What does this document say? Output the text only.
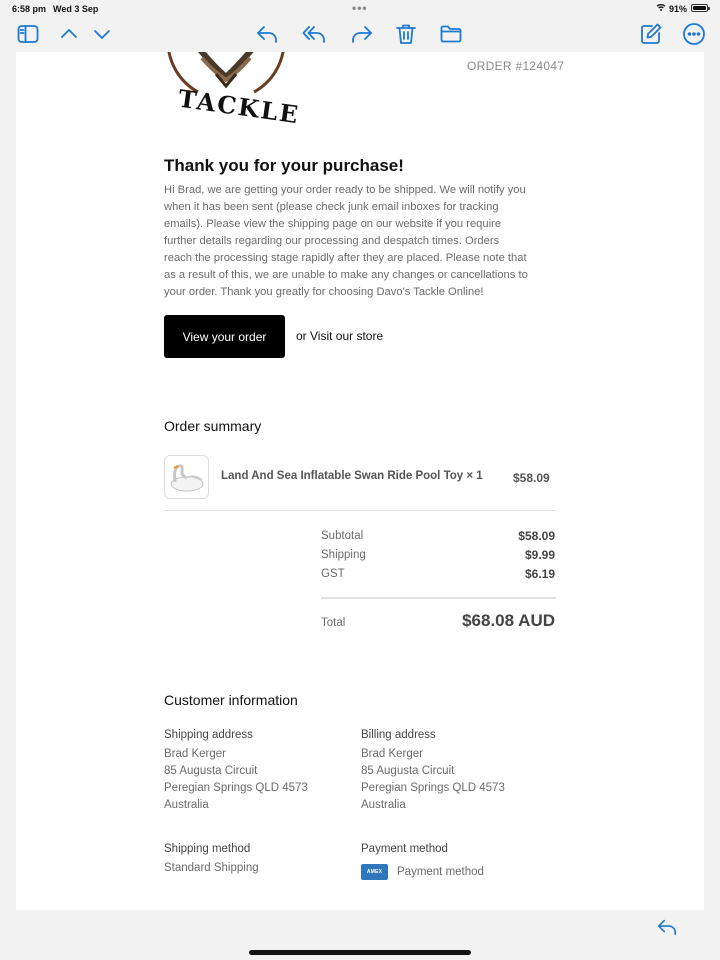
6:58 pm Wed 3 Sep	•••	91%
TACKLE
ORDER #124047
Thank you for your purchase!
Hi Brad, we are getting your order ready to be shipped. We will notify you
when it has been sent (please check junk email inboxes for tracking
emails). Please view the shipping page on our website if you require
further details regarding our processing and despatch times. Orders
reach the processing stage rapidly after they are placed. Please note that
as a result of this, we are unable to make any changes or cancellations to
your order. Thank you greatly for choosing Davo's Tackle Online!
View your order	or Visit our store
Order summary
Land And Sea Inflatable Swan Ride Pool Toy × 1	$58.09
Subtotal	$58.09
Shipping	$9.99
GST	$6.19
Total	$68.08 AUD
Customer information
Shipping address
Brad Kerger
85 Augusta Circuit
Peregian Springs QLD 4573
Australia
Billing address
Brad Kerger
85 Augusta Circuit
Peregian Springs QLD 4573
Australia
Shipping method
Standard Shipping
Payment method
AMEX	Payment method
